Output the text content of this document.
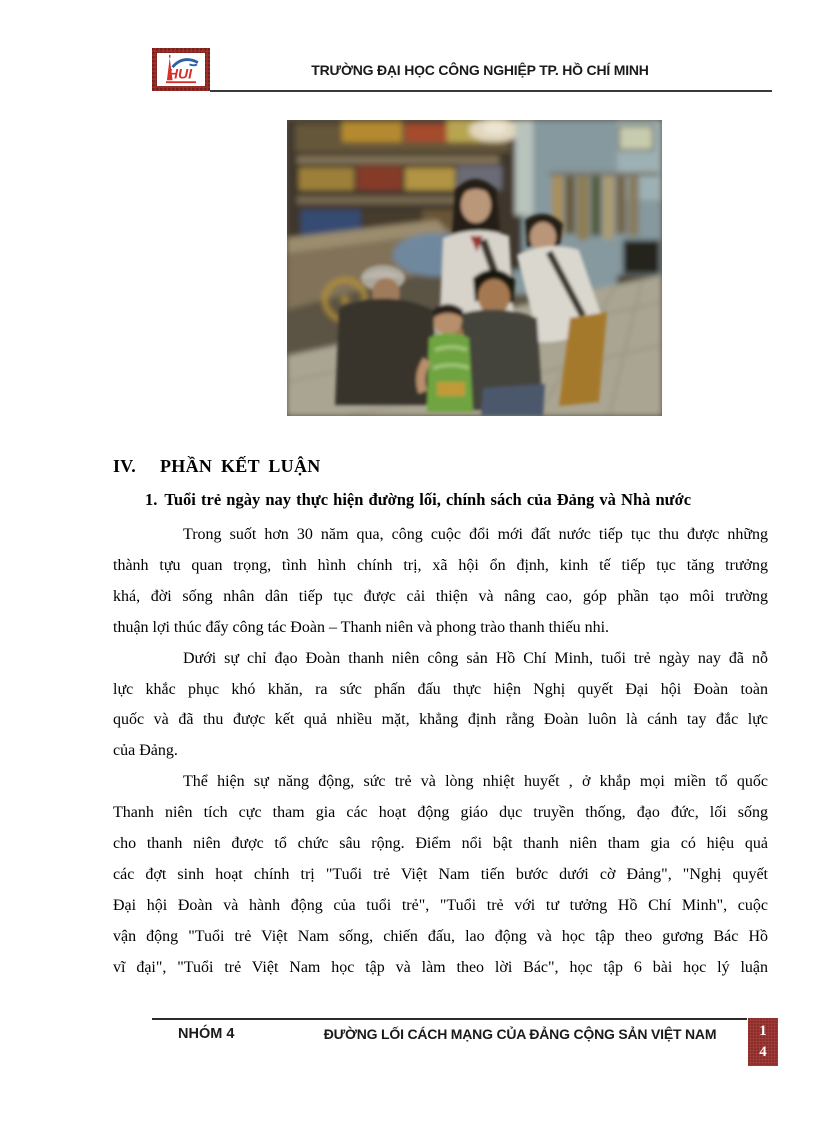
HUI	TRƯỜNG ĐẠI HỌC CÔNG NGHIỆP TP. HỒ CHÍ MINH
IV. PHẦN KẾT LUẬN
1. Tuổi trẻ ngày nay thực hiện đường lối, chính sách của Đảng và Nhà nước
Trong suốt hơn 30 năm qua, công cuộc đổi mới đất nước tiếp tục thu được những
thành tựu quan trọng, tình hình chính trị, xã hội ổn định, kinh tế tiếp tục tăng trưởng
khá, đời sống nhân dân tiếp tục được cải thiện và nâng cao, góp phần tạo môi trường
thuận lợi thúc đẩy công tác Đoàn – Thanh niên và phong trào thanh thiếu nhi.
Dưới sự chỉ đạo Đoàn thanh niên công sản Hồ Chí Minh, tuổi trẻ ngày nay đã nỗ
lực khắc phục khó khăn, ra sức phấn đấu thực hiện Nghị quyết Đại hội Đoàn toàn
quốc và đã thu được kết quả nhiều mặt, khẳng định rằng Đoàn luôn là cánh tay đắc lực
của Đảng.
Thể hiện sự năng động, sức trẻ và lòng nhiệt huyết , ở khắp mọi miền tổ quốc
Thanh niên tích cực tham gia các hoạt động giáo dục truyền thống, đạo đức, lối sống
cho thanh niên được tổ chức sâu rộng. Điểm nổi bật thanh niên tham gia có hiệu quả
các đợt sinh hoạt chính trị "Tuổi trẻ Việt Nam tiến bước dưới cờ Đảng", "Nghị quyết
Đại hội Đoàn và hành động của tuổi trẻ", "Tuổi trẻ với tư tưởng Hồ Chí Minh", cuộc
vận động "Tuổi trẻ Việt Nam sống, chiến đấu, lao động và học tập theo gương Bác Hồ
vĩ đại", "Tuổi trẻ Việt Nam học tập và làm theo lời Bác", học tập 6 bài học lý luận
NHÓM 4	ĐƯỜNG LỐI CÁCH MẠNG CỦA ĐẢNG CỘNG SẢN VIỆT NAM	1
4
